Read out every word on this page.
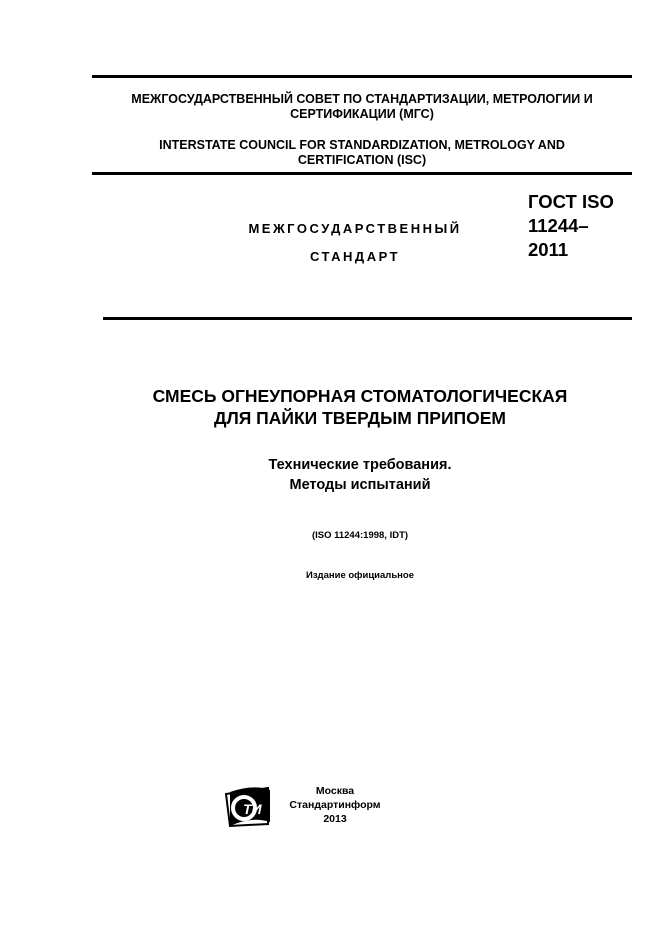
МЕЖГОСУДАРСТВЕННЫЙ СОВЕТ ПО СТАНДАРТИЗАЦИИ, МЕТРОЛОГИИ И СЕРТИФИКАЦИИ (МГС)
INTERSTATE COUNCIL FOR STANDARDIZATION, METROLOGY AND CERTIFICATION (ISC)
МЕЖГОСУДАРСТВЕННЫЙ
СТАНДАРТ
ГОСТ ISO
11244–
2011
СМЕСЬ ОГНЕУПОРНАЯ СТОМАТОЛОГИЧЕСКАЯ
ДЛЯ ПАЙКИ ТВЕРДЫМ ПРИПОЕМ
Технические требования.
Методы испытаний
(ISO 11244:1998, IDT)
Издание официальное
ТИ
Москва
Стандартинформ
2013
